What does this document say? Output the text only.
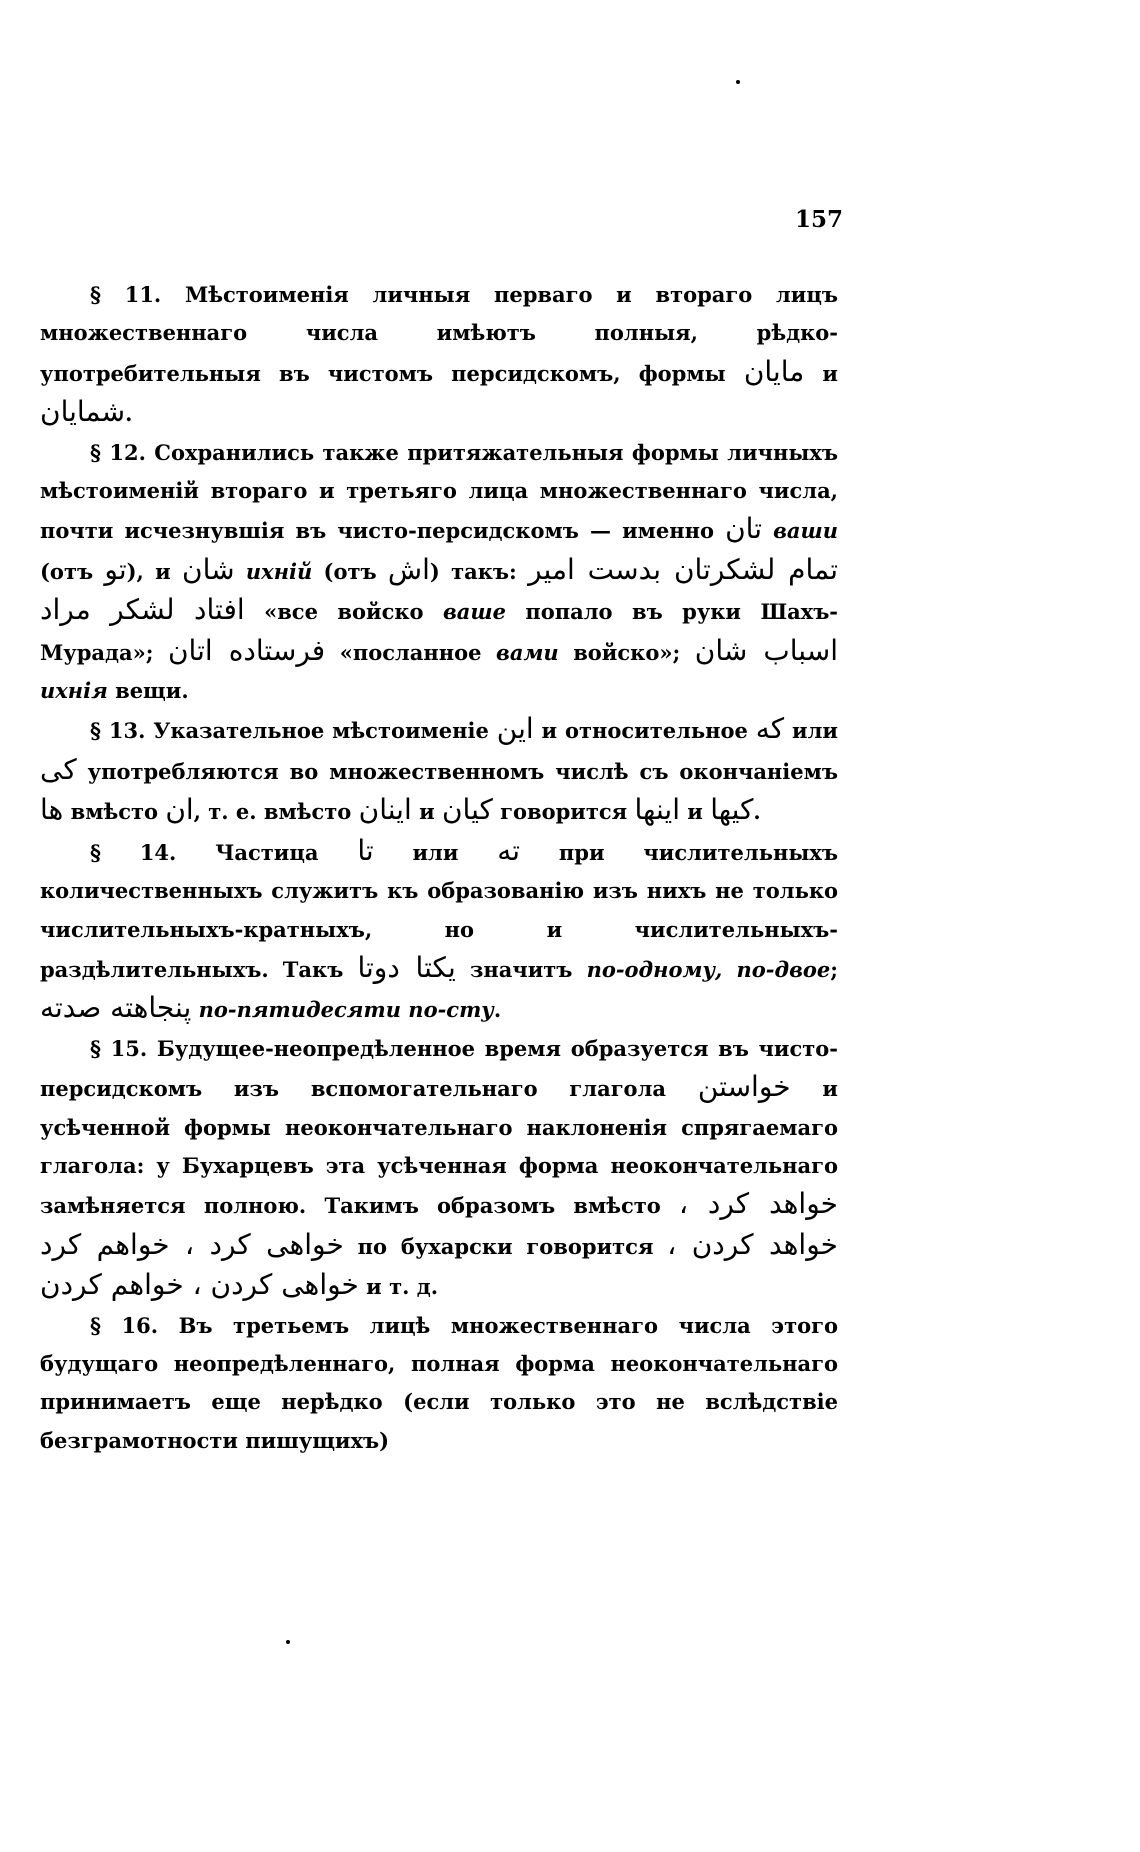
157

§ 11. Мѣстоименія личныя перваго и втораго лицъ множественнаго числа имѣютъ полныя, рѣдко-употребительныя въ чистомъ персидскомъ, формы مايان и شمايان.

§ 12. Сохранились также притяжательныя формы личныхъ мѣстоименій втораго и третьяго лица множественнаго числа, почти исчезнувшія въ чисто-персидскомъ — именно تان ваши (отъ تو), и شان ихній (отъ اش) такъ: تمام لشکرتان بدست امير مراد لشکر افتاد «все войско ваше попало въ руки Шахъ-Мурада»; فرستاده اتان «посланное вами войско»; اسباب شان ихнія вещи.

§ 13. Указательное мѣстоименіе اين и относительное كه или كى употребляются во множественномъ числѣ съ окончаніемъ ها вмѣсто ان, т. е. вмѣсто اينان и كيان говорится اينها и كيها.

§ 14. Частица تا или ته при числительныхъ количественныхъ служитъ къ образованію изъ нихъ не только числительныхъ-кратныхъ, но и числительныхъ-раздѣлительныхъ. Такъ يكتا دوتا значитъ по-одному, по-двое; پنجاهته صدته по-пятидесяти по-сту.

§ 15. Будущее-неопредѣленное время образуется въ чисто-персидскомъ изъ вспомогательнаго глагола خواستن и усѣченной формы неокончательнаго наклоненія спрягаемаго глагола: у Бухарцевъ эта усѣченная форма неокончательнаго замѣняется полною. Такимъ образомъ вмѣсто خواهد كرد ، خواهى كرد ، خواهم كرد по бухарски говорится خواهد كردن ، خواهى كردن ، خواهم كردن и т. д.

§ 16. Въ третьемъ лицѣ множественнаго числа этого будущаго неопредѣленнаго, полная форма неокончательнаго принимаетъ еще нерѣдко (если только это не вслѣдствіе безграмотности пишущихъ)
